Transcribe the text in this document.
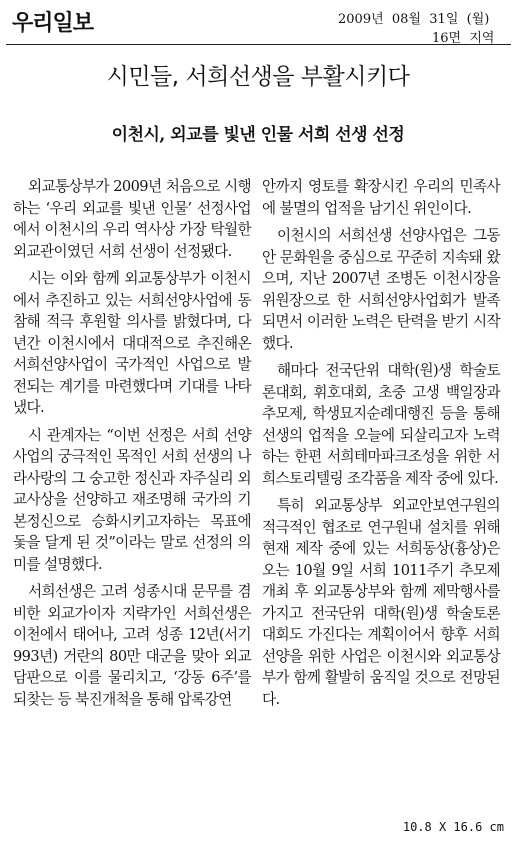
우리일보	2009년  08월  31일  (월)
16면  지역
시민들, 서희선생을 부활시키다
이천시, 외교를 빛낸 인물 서희 선생 선정

외교통상부가 2009년 처음으로 시행하는 ‘우리 외교를 빛낸 인물’ 선정사업에서 이천시의 우리 역사상 가장 탁월한 외교관이였던 서희 선생이 선정됐다.

시는 이와 함께 외교통상부가 이천시에서 추진하고 있는 서희선양사업에 동참해 적극 후원할 의사를 밝혔다며, 다년간 이천시에서 대대적으로 추진해온 서희선양사업이 국가적인 사업으로 발전되는 계기를 마련했다며 기대를 나타냈다.

시 관계자는 “이번 선정은 서희 선양사업의 궁극적인 목적인 서희 선생의 나라사랑의 그 숭고한 정신과 자주실리 외교사상을 선양하고 재조명해 국가의 기본정신으로 승화시키고자하는 목표에 돛을 달게 된 것”이라는 말로 선정의 의미를 설명했다.

서희선생은 고려 성종시대 문무를 겸비한 외교가이자 지략가인 서희선생은 이천에서 태어나, 고려 성종 12년(서기 993년) 거란의 80만 대군을 맞아 외교담판으로 이를 물리치고, ‘강동 6주’를 되찾는 등 북진개척을 통해 압록강연

안까지 영토를 확장시킨 우리의 민족사에 불멸의 업적을 남기신 위인이다.

이천시의 서희선생 선양사업은 그동안 문화원을 중심으로 꾸준히 지속돼 왔으며, 지난 2007년 조병돈 이천시장을 위원장으로 한 서희선양사업회가 발족되면서 이러한 노력은 탄력을 받기 시작했다.

해마다 전국단위 대학(원)생 학술토론대회, 휘호대회, 초중 고생 백일장과 추모제, 학생묘지순례대행진 등을 통해 선생의 업적을 오늘에 되살리고자 노력하는 한편 서희테마파크조성을 위한 서희스토리텔링 조각품을 제작 중에 있다.

특히 외교통상부 외교안보연구원의 적극적인 협조로 연구원내 설치를 위해 현재 제작 중에 있는 서희동상(흉상)은 오는 10월 9일 서희 1011주기 추모제 개최 후 외교통상부와 함께 제막행사를 가지고 전국단위 대학(원)생 학술토론대회도 가진다는 계획이어서 향후 서희 선양을 위한 사업은 이천시와 외교통상부가 함께 활발히 움직일 것으로 전망된다.

10.8 X 16.6 cm
